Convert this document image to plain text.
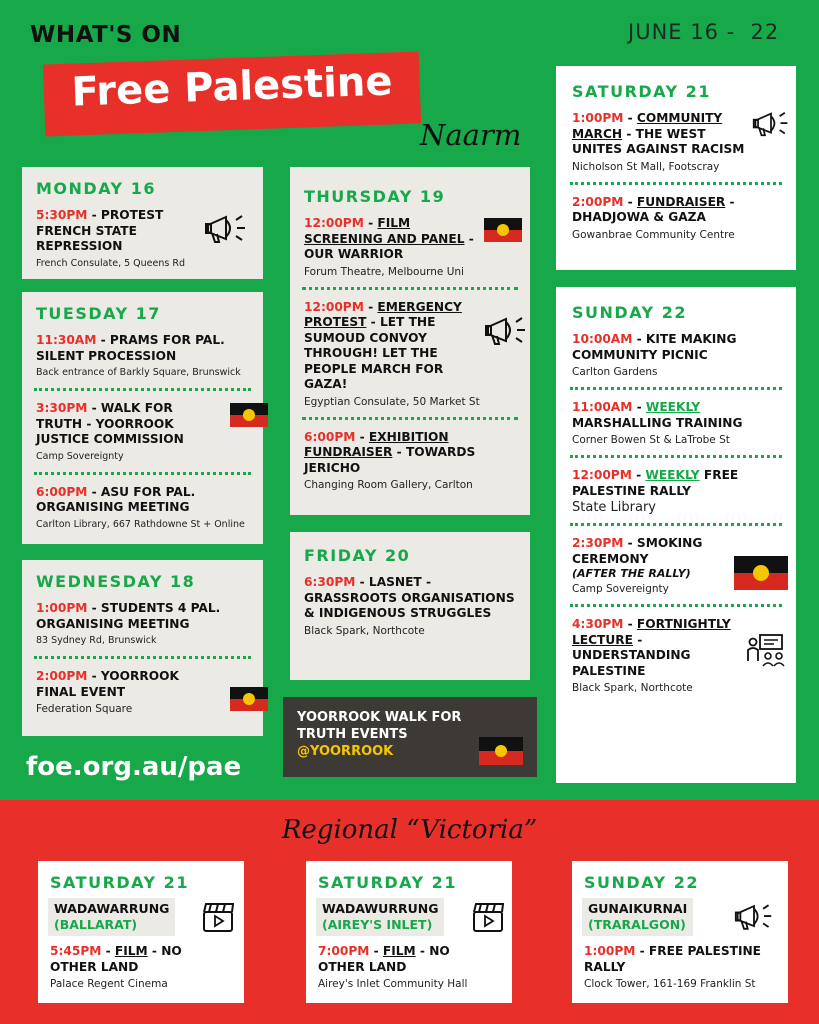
WHAT'S ON
Free Palestine
JUNE 16 -  22
Naarm
MONDAY 16
5:30PM - PROTEST FRENCH STATE REPRESSION
French Consulate, 5 Queens Rd
TUESDAY 17
11:30AM - PRAMS FOR PAL. SILENT PROCESSION
Back entrance of Barkly Square, Brunswick
3:30PM - WALK FOR TRUTH - YOORROOK JUSTICE COMMISSION
Camp Sovereignty
6:00PM - ASU FOR PAL. ORGANISING MEETING
Carlton Library, 667 Rathdowne St + Online
WEDNESDAY 18
1:00PM - STUDENTS 4 PAL. ORGANISING MEETING
83 Sydney Rd, Brunswick
2:00PM - YOORROOK FINAL EVENT
Federation Square
foe.org.au/pae
THURSDAY 19
12:00PM - FILM SCREENING AND PANEL - OUR WARRIOR
Forum Theatre, Melbourne Uni
12:00PM - EMERGENCY PROTEST - LET THE SUMOUD CONVOY THROUGH! LET THE PEOPLE MARCH FOR GAZA!
Egyptian Consulate, 50 Market St
6:00PM - EXHIBITION FUNDRAISER - TOWARDS JERICHO
Changing Room Gallery, Carlton
FRIDAY 20
6:30PM - LASNET - GRASSROOTS ORGANISATIONS & INDIGENOUS STRUGGLES
Black Spark, Northcote
YOORROOK WALK FOR
TRUTH EVENTS
@YOORROOK
SATURDAY 21
1:00PM - COMMUNITY MARCH - THE WEST UNITES AGAINST RACISM
Nicholson St Mall, Footscray
2:00PM - FUNDRAISER - DHADJOWA & GAZA
Gowanbrae Community Centre
SUNDAY 22
10:00AM - KITE MAKING COMMUNITY PICNIC
Carlton Gardens
11:00AM - WEEKLY MARSHALLING TRAINING
Corner Bowen St & LaTrobe St
12:00PM - WEEKLY FREE PALESTINE RALLY
State Library
2:30PM - SMOKING CEREMONY
(AFTER THE RALLY)
Camp Sovereignty
4:30PM - FORTNIGHTLY LECTURE - UNDERSTANDING PALESTINE
Black Spark, Northcote
Regional “Victoria”
SATURDAY 21
WADAWARRUNG
(BALLARAT)
5:45PM - FILM - NO OTHER LAND
Palace Regent Cinema
SATURDAY 21
WADAWURRUNG
(AIREY'S INLET)
7:00PM - FILM - NO OTHER LAND
Airey's Inlet Community Hall
SUNDAY 22
GUNAIKURNAI
(TRARALGON)
1:00PM - FREE PALESTINE RALLY
Clock Tower, 161-169 Franklin St
